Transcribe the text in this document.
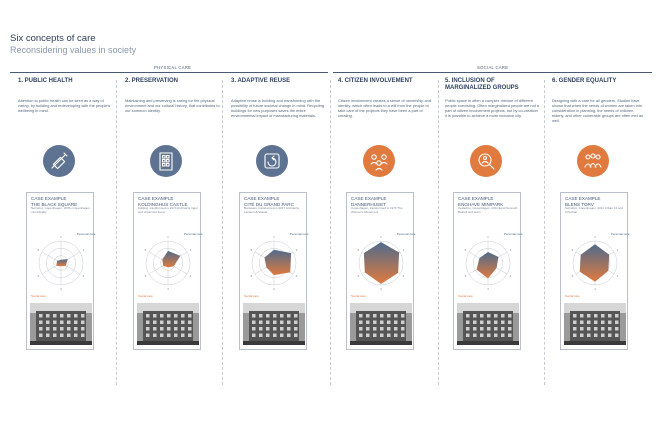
Six concepts of care
Reconsidering values in society
PHYSICAL CARE	SOCIAL CARE
1. PUBLIC HEALTH
Attention to public health can be seen as a way of caring, by building and redeveloping with the people's wellbeing in mind.
CASE EXAMPLE
THE BLACK SQUARE
Nørrebro, Copenhagen, 1970s Copenhagen municipality
1
2
3
4
5
6
Personal care
Social care
2. PRESERVATION
Maintaining and preserving is caring for the physical environment and our cultural history, that contributes to our common identity.
CASE EXAMPLE
KOLDINGHUS CASTLE
Kolding, transformed in 1970 Architects Inger and Johannes Exner
1
2
3
4
5
6
Personal care
Social care
3. ADAPTIVE REUSE
Adaptive reuse is building and transforming with the possibility of future societal change in mind. Recycling buildings for new purposes saves the entire environmental impact of manufacturing materials.
CASE EXAMPLE
CITÉ DU GRAND PARC
Bordeaux, transformed in 2017 Architects Lacaton & Vassal
1
2
3
4
5
6
Personal care
Social care
4. CITIZEN INVOLVEMENT
Citizen involvement creates a sense of ownership and identity, which often leads to a will from the people to take care of the projects they have been a part of creating.
CASE EXAMPLE
DANNERHUSET
Copenhagen, transformed in 1979 The Women's Movement
1
2
3
4
5
6
Personal care
Social care
5. INCLUSION OF MARGINALIZED GROUPS
Public space is often a complex mixture of different people coexisting. Often marginalized people are not a part of citizen involvement projects, but by co-creation it is possible to achieve a more inclusive city.
CASE EXAMPLE
ENGHAVE MINIPARK
Vesterbro, Copenhagen, 2011 Emsl Kenneth Bethell and team
1
2
3
4
5
6
Personal care
Social care
6. GENDER EQUALITY
Designing with a care for all genders. Studies have shown that when the needs of women are taken into consideration in planning, the needs of children, elderly, and other vulnerable groups are often met as well.
CASE EXAMPLE
BLENS TORV
Nørrebro, Copenhagen, 2011 Urban 13 and COurban
1
2
3
4
5
6
Personal care
Social care
